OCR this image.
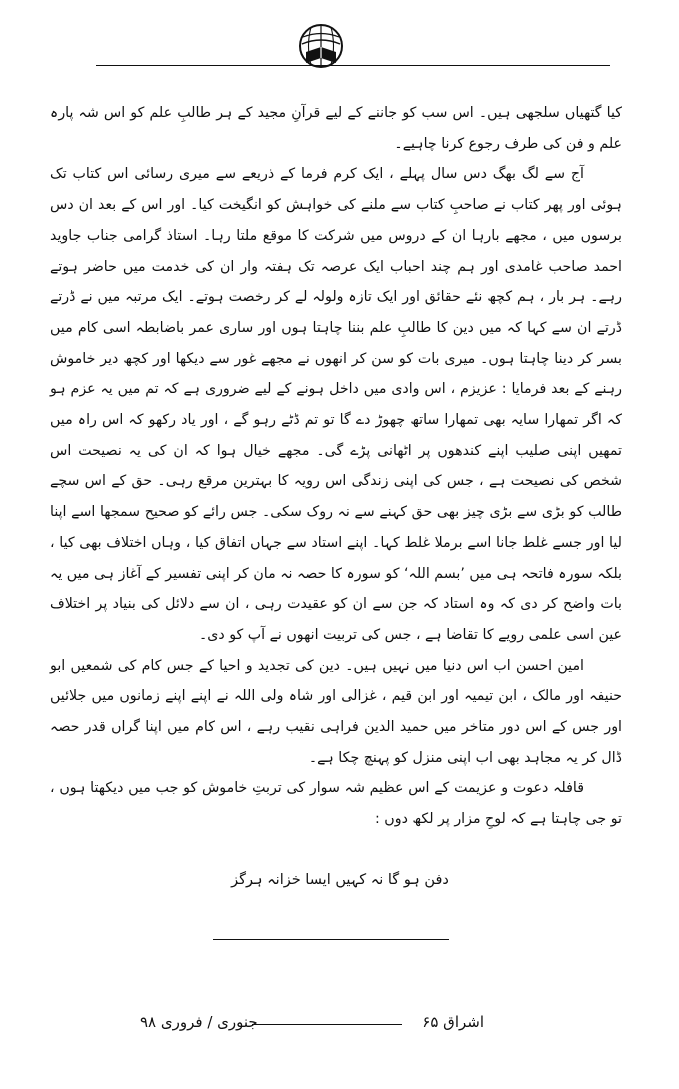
کیا گتھیاں سلجھی ہیں۔ اس سب کو جاننے کے لیے قرآنِ مجید کے ہر طالبِ علم کو اس شہ پارہ علم و فن کی طرف رجوع کرنا چاہیے۔

آج سے لگ بھگ دس سال پہلے ، ایک کرم فرما کے ذریعے سے میری رسائی اس کتاب تک ہوئی اور پھر کتاب نے صاحبِ کتاب سے ملنے کی خواہش کو انگیخت کیا۔ اور اس کے بعد ان دس برسوں میں ، مجھے بارہا ان کے دروس میں شرکت کا موقع ملتا رہا۔ استاذ گرامی جناب جاوید احمد صاحب غامدی اور ہم چند احباب ایک عرصہ تک ہفتہ وار ان کی خدمت میں حاضر ہوتے رہے۔ ہر بار ، ہم کچھ نئے حقائق اور ایک تازہ ولولہ لے کر رخصت ہوتے۔ ایک مرتبہ میں نے ڈرتے ڈرتے ان سے کہا کہ میں دین کا طالبِ علم بننا چاہتا ہوں اور ساری عمر باضابطہ اسی کام میں بسر کر دینا چاہتا ہوں۔ میری بات کو سن کر انھوں نے مجھے غور سے دیکھا اور کچھ دیر خاموش رہنے کے بعد فرمایا : عزیزم ، اس وادی میں داخل ہونے کے لیے ضروری ہے کہ تم میں یہ عزم ہو کہ اگر تمھارا سایہ بھی تمھارا ساتھ چھوڑ دے گا تو تم ڈٹے رہو گے ، اور یاد رکھو کہ اس راہ میں تمھیں اپنی صلیب اپنے کندھوں پر اٹھانی پڑے گی۔ مجھے خیال ہوا کہ ان کی یہ نصیحت اس شخص کی نصیحت ہے ، جس کی اپنی زندگی اس رویہ کا بہترین مرقع رہی۔ حق کے اس سچے طالب کو بڑی سے بڑی چیز بھی حق کہنے سے نہ روک سکی۔ جس رائے کو صحیح سمجھا اسے اپنا لیا اور جسے غلط جانا اسے برملا غلط کہا۔ اپنے استاد سے جہاں اتفاق کیا ، وہاں اختلاف بھی کیا ، بلکہ سورہ فاتحہ ہی میں ’بسم اللہ‘ کو سورہ کا حصہ نہ مان کر اپنی تفسیر کے آغاز ہی میں یہ بات واضح کر دی کہ وہ استاد کہ جن سے ان کو عقیدت رہی ، ان سے دلائل کی بنیاد پر اختلاف عین اسی علمی رویے کا تقاضا ہے ، جس کی تربیت انھوں نے آپ کو دی۔

امین احسن اب اس دنیا میں نہیں ہیں۔ دین کی تجدید و احیا کے جس کام کی شمعیں ابو حنیفہ اور مالک ، ابن تیمیہ اور ابن قیم ، غزالی اور شاہ ولی اللہ نے اپنے اپنے زمانوں میں جلائیں اور جس کے اس دور متاخر میں حمید الدین فراہی نقیب رہے ، اس کام میں اپنا گراں قدر حصہ ڈال کر یہ مجاہد بھی اب اپنی منزل کو پہنچ چکا ہے۔

قافلہ دعوت و عزیمت کے اس عظیم شہ سوار کی تربتِ خاموش کو جب میں دیکھتا ہوں ، تو جی چاہتا ہے کہ لوحِ مزار پر لکھ دوں :

دفن ہو گا نہ کہیں ایسا خزانہ ہرگز
اشراق ۶۵
جنوری / فروری ۹۸
